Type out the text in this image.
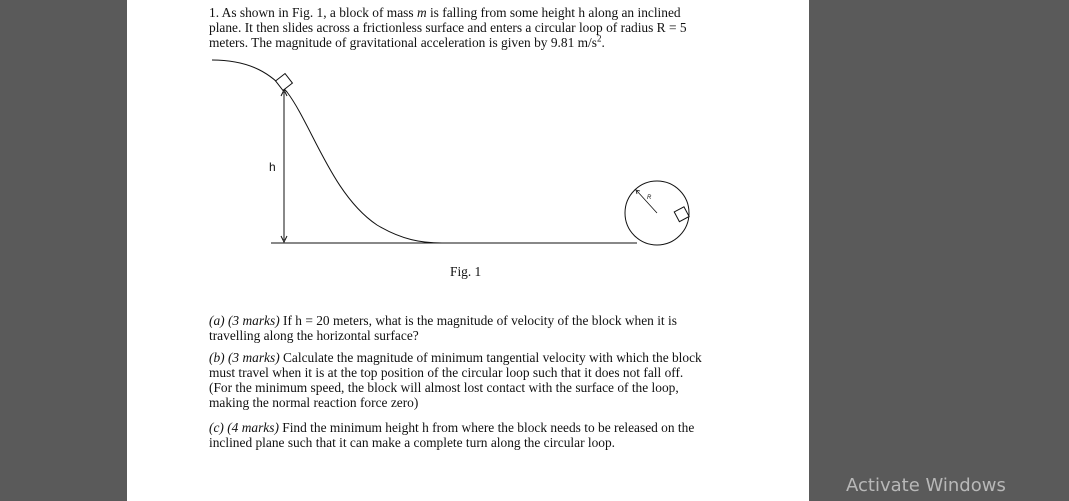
1. As shown in Fig. 1, a block of mass m is falling from some height h along an inclined plane. It then slides across a frictionless surface and enters a circular loop of radius R = 5 meters. The magnitude of gravitational acceleration is given by 9.81 $m/s^2$.

h
R
Fig. 1

(a) (3 marks) If h = 20 meters, what is the magnitude of velocity of the block when it is travelling along the horizontal surface?

(b) (3 marks) Calculate the magnitude of minimum tangential velocity with which the block must travel when it is at the top position of the circular loop such that it does not fall off. (For the minimum speed, the block will almost lost contact with the surface of the loop, making the normal reaction force zero)

(c) (4 marks) Find the minimum height h from where the block needs to be released on the inclined plane such that it can make a complete turn along the circular loop.

Activate Windows
